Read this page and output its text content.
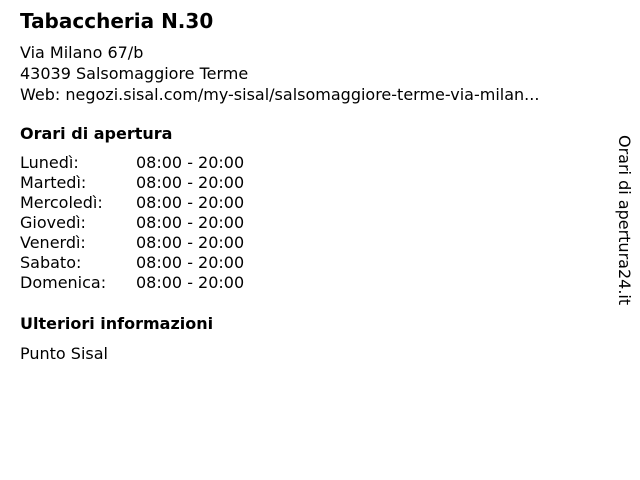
Tabaccheria N.30
Via Milano 67/b
43039 Salsomaggiore Terme
Web: negozi.sisal.com/my-sisal/salsomaggiore-terme-via-milan...
Orari di apertura
Lunedì:	08:00 - 20:00
Martedì:	08:00 - 20:00
Mercoledì:	08:00 - 20:00
Giovedì:	08:00 - 20:00
Venerdì:	08:00 - 20:00
Sabato:	08:00 - 20:00
Domenica:	08:00 - 20:00
Ulteriori informazioni
Punto Sisal
Orari di apertura24.it
